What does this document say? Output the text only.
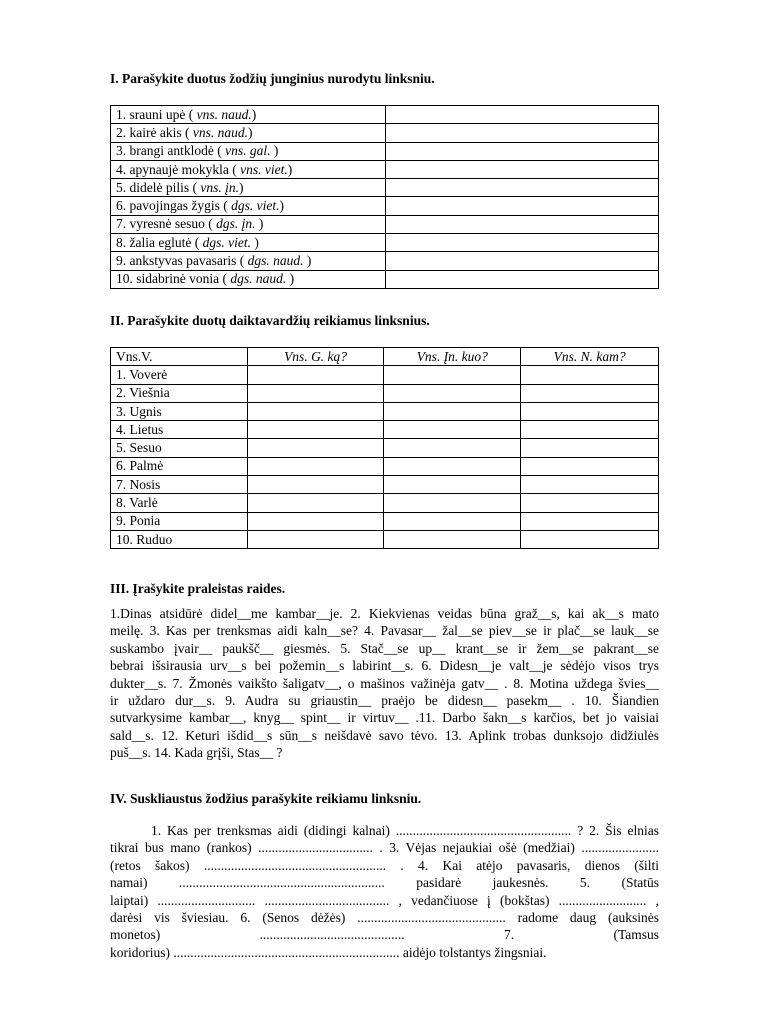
I. Parašykite duotus žodžių junginius nurodytu linksniu.
1. srauni upė ( vns. naud.)	
2. kairė akis ( vns. naud.)	
3. brangi antklodė ( vns. gal. )	
4. apynaujė mokykla ( vns. viet.)	
5. didelė pilis ( vns. įn.)	
6. pavojingas žygis ( dgs. viet.)	
7. vyresnė sesuo ( dgs. įn. )	
8. žalia eglutė ( dgs. viet. )	
9. ankstyvas pavasaris ( dgs. naud. )	
10. sidabrinė vonia ( dgs. naud. )	
II. Parašykite duotų daiktavardžių reikiamus linksnius.
Vns.V.	Vns. G. ką?	Vns. Įn. kuo?	Vns. N. kam?
1. Voverė			
2. Viešnia			
3. Ugnis			
4. Lietus			
5. Sesuo			
6. Palmė			
7. Nosis			
8. Varlė			
9. Ponia			
10. Ruduo			
III. Įrašykite praleistas raides.
1.Dinas atsidūrė didel__me kambar__je. 2. Kiekvienas veidas būna graž__s, kai ak__s mato
meilę. 3. Kas per trenksmas aidi kaln__se? 4. Pavasar__ žal__se piev__se ir plač__se lauk__se
suskambo įvair__ paukšč__ giesmės. 5. Stač__se up__ krant__se ir žem__se pakrant__se
bebrai išsirausia urv__s bei požemin__s labirint__s. 6. Didesn__je valt__je sėdėjo visos trys
dukter__s. 7. Žmonės vaikšto šaligatv__, o mašinos važinėja gatv__ . 8. Motina uždega švies__
ir uždaro dur__s. 9. Audra su griaustin__ praėjo be didesn__ pasekm__ . 10. Šiandien
sutvarkysime kambar__, knyg__ spint__ ir virtuv__ .11. Darbo šakn__s karčios, bet jo vaisiai
sald__s. 12. Keturi išdid__s sūn__s neišdavė savo tėvo. 13. Aplink trobas dunksojo didžiulės
puš__s. 14. Kada grįši, Stas__ ?
IV. Suskliaustus žodžius parašykite reikiamu linksniu.
1. Kas per trenksmas aidi (didingi kalnai) .................................................... ? 2. Šis elnias
tikrai bus mano (rankos) .................................. . 3. Vėjas nejaukiai ošė (medžiai) .......................
(retos šakos) ...................................................... . 4. Kai atėjo pavasaris, dienos (šilti
namai) ............................................................. pasidarė jaukesnės. 5. (Statūs
laiptai) ............................. ..................................... , vedančiuose į (bokštas) .......................... ,
darėsi vis šviesiau. 6. (Senos dėžės) ............................................ radome daug (auksinės
monetos) ........................................... 7. (Tamsus
koridorius) ................................................................... aidėjo tolstantys žingsniai.
